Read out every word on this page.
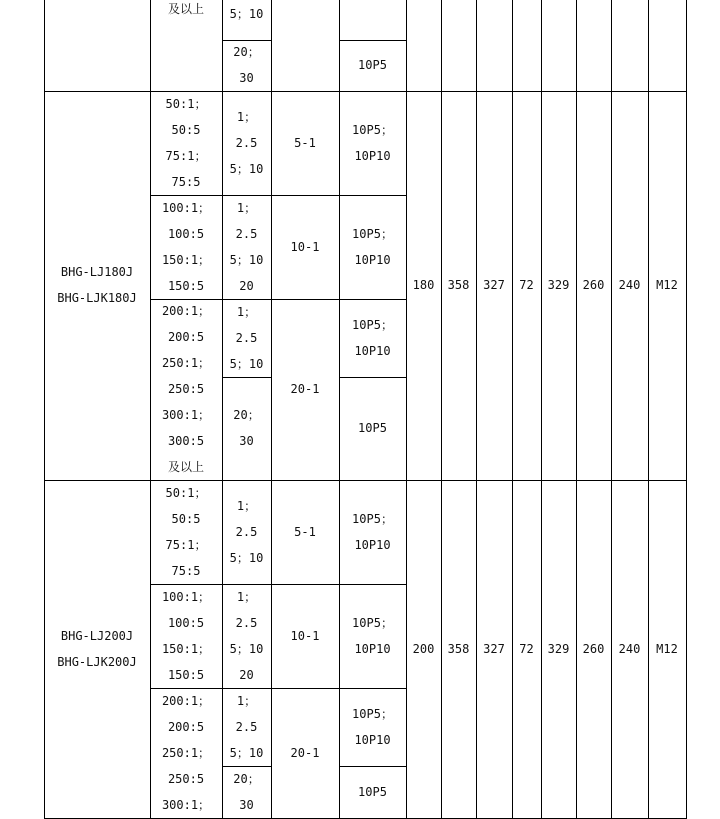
及以上 5；10
20；
30
10P5
BHG-LJ180J
BHG-LJK180J
180 358 327 72 329 260 240 M12
50:1；
50:5
75:1；
75:5
5-1
1；
2.5
5；10
10P5；
10P10
100:1；
100:5
150:1；
150:5
10-1
1；
2.5
5；10
20
10P5；
10P10
200:1；
200:5
250:1；
250:5
300:1；
300:5
及以上
20-1
1；
2.5
5；10
20；
30
10P5；
10P10
10P5
BHG-LJ200J
BHG-LJK200J
200 358 327 72 329 260 240 M12
50:1；
50:5
75:1；
75:5
5-1
1；
2.5
5；10
10P5；
10P10
100:1；
100:5
150:1；
150:5
10-1
1；
2.5
5；10
20
10P5；
10P10
200:1；
200:5
250:1；
250:5
300:1；
20-1
1；
2.5
5；10
20；
30
10P5；
10P10
10P5
